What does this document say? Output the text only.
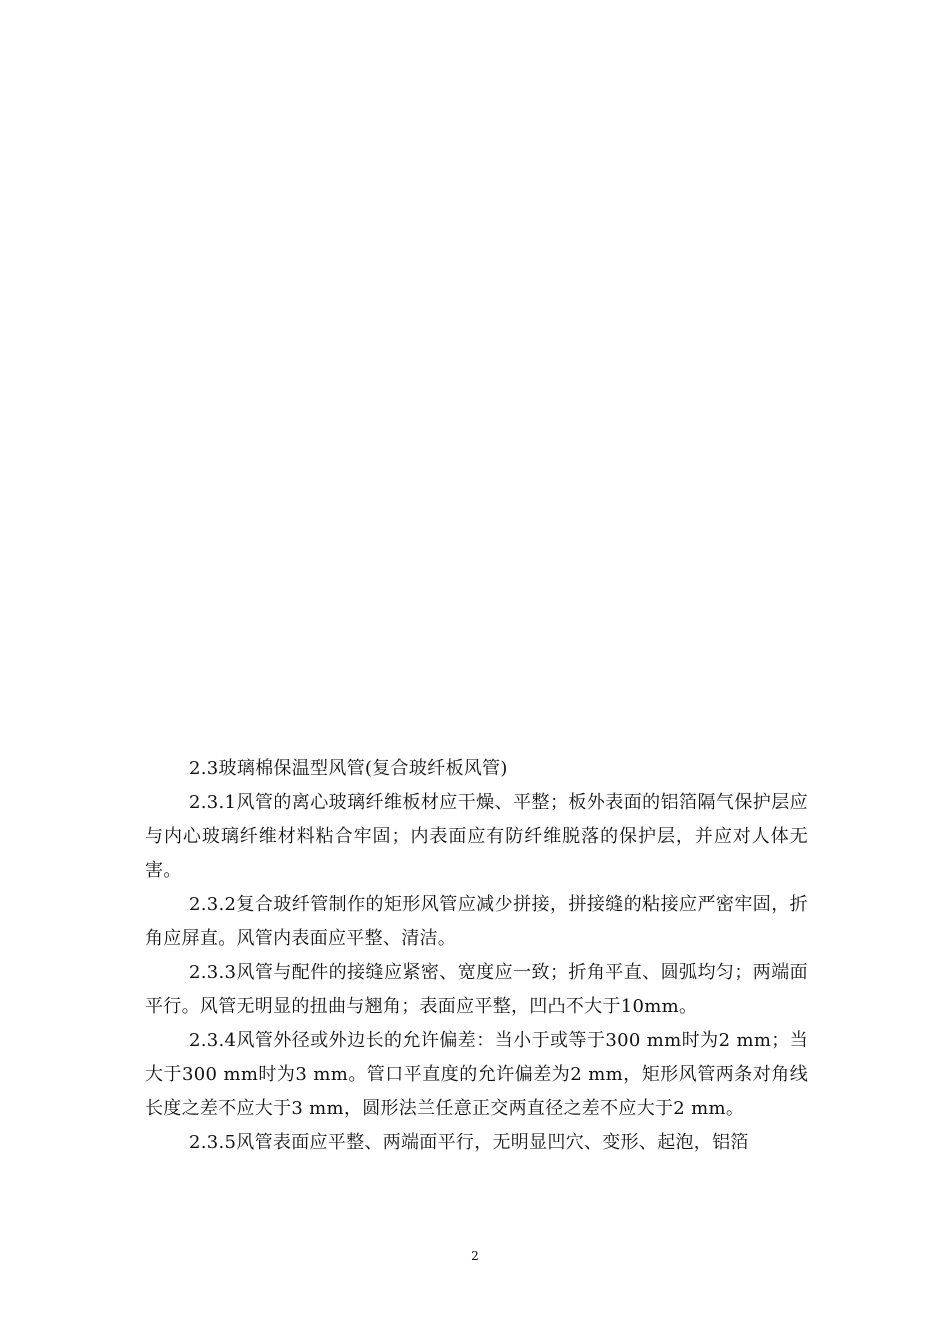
2.3玻璃棉保温型风管(复合玻纤板风管)

2.3.1风管的离心玻璃纤维板材应干燥、平整；板外表面的铝箔隔气保护层应与内心玻璃纤维材料粘合牢固；内表面应有防纤维脱落的保护层，并应对人体无害。

2.3.2复合玻纤管制作的矩形风管应减少拼接，拼接缝的粘接应严密牢固，折角应屏直。风管内表面应平整、清洁。

2.3.3风管与配件的接缝应紧密、宽度应一致；折角平直、圆弧均匀；两端面平行。风管无明显的扭曲与翘角；表面应平整，凹凸不大于10mm。

2.3.4风管外径或外边长的允许偏差：当小于或等于300 mm时为2 mm；当大于300 mm时为3 mm。管口平直度的允许偏差为2 mm，矩形风管两条对角线长度之差不应大于3 mm，圆形法兰任意正交两直径之差不应大于2 mm。

2.3.5风管表面应平整、两端面平行，无明显凹穴、变形、起泡，铝箔

2
